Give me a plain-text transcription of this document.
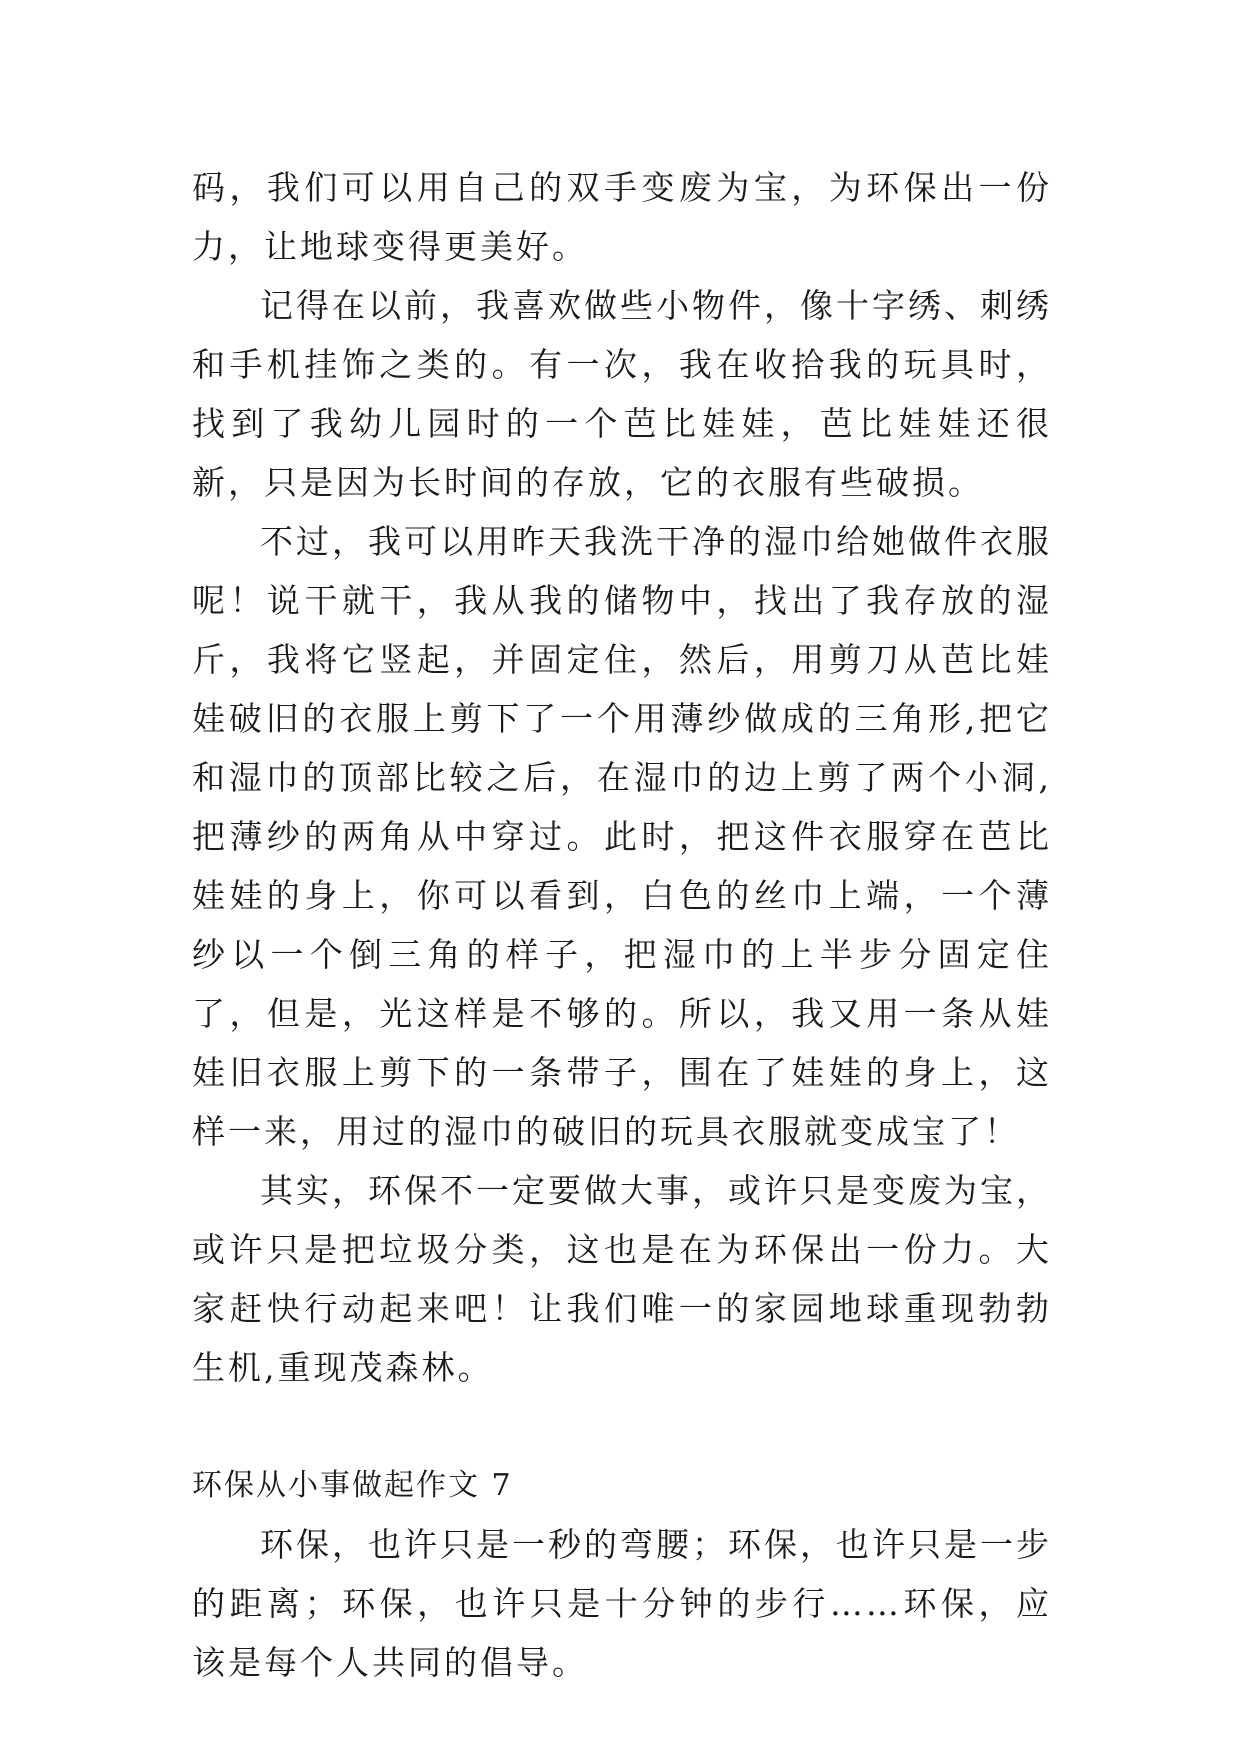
码，我们可以用自己的双手变废为宝，为环保出一份力，让地球变得更美好。

记得在以前，我喜欢做些小物件，像十字绣、刺绣和手机挂饰之类的。有一次，我在收拾我的玩具时，找到了我幼儿园时的一个芭比娃娃，芭比娃娃还很新，只是因为长时间的存放，它的衣服有些破损。

不过，我可以用昨天我洗干净的湿巾给她做件衣服呢！说干就干，我从我的储物中，找出了我存放的湿斤，我将它竖起，并固定住，然后，用剪刀从芭比娃娃破旧的衣服上剪下了一个用薄纱做成的三角形,把它和湿巾的顶部比较之后，在湿巾的边上剪了两个小洞,把薄纱的两角从中穿过。此时，把这件衣服穿在芭比娃娃的身上，你可以看到，白色的丝巾上端，一个薄纱以一个倒三角的样子，把湿巾的上半步分固定住了，但是，光这样是不够的。所以，我又用一条从娃娃旧衣服上剪下的一条带子，围在了娃娃的身上，这样一来，用过的湿巾的破旧的玩具衣服就变成宝了！

其实，环保不一定要做大事，或许只是变废为宝，或许只是把垃圾分类，这也是在为环保出一份力。大家赶快行动起来吧！让我们唯一的家园地球重现勃勃生机,重现茂森林。

环保从小事做起作文 7

环保，也许只是一秒的弯腰；环保，也许只是一步的距离；环保，也许只是十分钟的步行……环保，应该是每个人共同的倡导。
